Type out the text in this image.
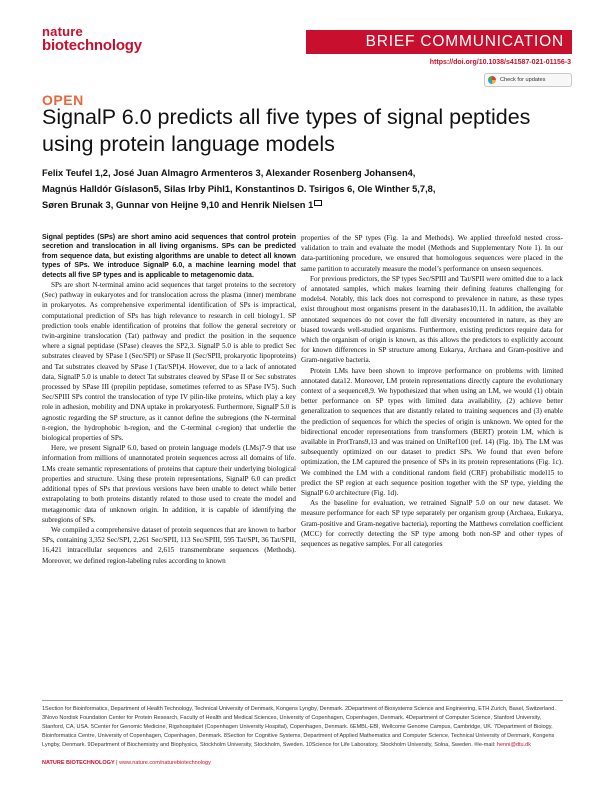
nature
biotechnology	BRIEF COMMUNICATION
https://doi.org/10.1038/s41587-021-01156-3
Check for updates
OPEN
SignalP 6.0 predicts all five types of signal peptides using protein language models
Felix Teufel 1,2, José Juan Almagro Armenteros 3, Alexander Rosenberg Johansen4,
Magnús Halldór Gíslason5, Silas Irby Pihl1, Konstantinos D. Tsirigos 6, Ole Winther 5,7,8,
Søren Brunak 3, Gunnar von Heijne 9,10 and Henrik Nielsen 1

Signal peptides (SPs) are short amino acid sequences that control protein secretion and translocation in all living organisms. SPs can be predicted from sequence data, but existing algorithms are unable to detect all known types of SPs. We introduce SignalP 6.0, a machine learning model that detects all five SP types and is applicable to metagenomic data.

SPs are short N-terminal amino acid sequences that target proteins to the secretory (Sec) pathway in eukaryotes and for translocation across the plasma (inner) membrane in prokaryotes. As comprehensive experimental identification of SPs is impractical, computational prediction of SPs has high relevance to research in cell biology1. SP prediction tools enable identification of proteins that follow the general secretory or twin-arginine translocation (Tat) pathway and predict the position in the sequence where a signal peptidase (SPase) cleaves the SP2,3. SignalP 5.0 is able to predict Sec substrates cleaved by SPase I (Sec/SPI) or SPase II (Sec/SPII, prokaryotic lipoproteins) and Tat substrates cleaved by SPase I (Tat/SPI)4. However, due to a lack of annotated data, SignalP 5.0 is unable to detect Tat substrates cleaved by SPase II or Sec substrates processed by SPase III (prepilin peptidase, sometimes referred to as SPase IV5). Such Sec/SPIII SPs control the translocation of type IV pilin-like proteins, which play a key role in adhesion, mobility and DNA uptake in prokaryotes6. Furthermore, SignalP 5.0 is agnostic regarding the SP structure, as it cannot define the subregions (the N-terminal n-region, the hydrophobic h-region, and the C-terminal c-region) that underlie the biological properties of SPs.

Here, we present SignalP 6.0, based on protein language models (LMs)7-9 that use information from millions of unannotated protein sequences across all domains of life. LMs create semantic representations of proteins that capture their underlying biological properties and structure. Using these protein representations, SignalP 6.0 can predict additional types of SPs that previous versions have been unable to detect while better extrapolating to both proteins distantly related to those used to create the model and metagenomic data of unknown origin. In addition, it is capable of identifying the subregions of SPs.

We compiled a comprehensive dataset of protein sequences that are known to harbor SPs, containing 3,352 Sec/SPI, 2,261 Sec/SPII, 113 Sec/SPIII, 595 Tat/SPI, 36 Tat/SPII, 16,421 intracellular sequences and 2,615 transmembrane sequences (Methods). Moreover, we defined region-labeling rules according to known

properties of the SP types (Fig. 1a and Methods). We applied threefold nested cross-validation to train and evaluate the model (Methods and Supplementary Note 1). In our data-partitioning procedure, we ensured that homologous sequences were placed in the same partition to accurately measure the model’s performance on unseen sequences.

For previous predictors, the SP types Sec/SPIII and Tat/SPII were omitted due to a lack of annotated samples, which makes learning their defining features challenging for models4. Notably, this lack does not correspond to prevalence in nature, as these types exist throughout most organisms present in the databases10,11. In addition, the available annotated sequences do not cover the full diversity encountered in nature, as they are biased towards well-studied organisms. Furthermore, existing predictors require data for which the organism of origin is known, as this allows the predictors to explicitly account for known differences in SP structure among Eukarya, Archaea and Gram-positive and Gram-negative bacteria.

Protein LMs have been shown to improve performance on problems with limited annotated data12. Moreover, LM protein representations directly capture the evolutionary context of a sequence8,9. We hypothesized that when using an LM, we would (1) obtain better performance on SP types with limited data availability, (2) achieve better generalization to sequences that are distantly related to training sequences and (3) enable the prediction of sequences for which the species of origin is unknown. We opted for the bidirectional encoder representations from transformers (BERT) protein LM, which is available in ProtTrans9,13 and was trained on UniRef100 (ref. 14) (Fig. 1b). The LM was subsequently optimized on our dataset to predict SPs. We found that even before optimization, the LM captured the presence of SPs in its protein representations (Fig. 1c). We combined the LM with a conditional random field (CRF) probabilistic model15 to predict the SP region at each sequence position together with the SP type, yielding the SignalP 6.0 architecture (Fig. 1d).

As the baseline for evaluation, we retrained SignalP 5.0 on our new dataset. We measure performance for each SP type separately per organism group (Archaea, Eukarya, Gram-positive and Gram-negative bacteria), reporting the Matthews correlation coefficient (MCC) for correctly detecting the SP type among both non-SP and other types of sequences as negative samples. For all categories

1Section for Bioinformatics, Department of Health Technology, Technical University of Denmark, Kongens Lyngby, Denmark. 2Department of Biosystems Science and Engineering, ETH Zurich, Basel, Switzerland. 3Novo Nordisk Foundation Center for Protein Research, Faculty of Health and Medical Sciences, University of Copenhagen, Copenhagen, Denmark. 4Department of Computer Science, Stanford University, Stanford, CA, USA. 5Center for Genomic Medicine, Rigshospitalet (Copenhagen University Hospital), Copenhagen, Denmark. 6EMBL-EBI, Wellcome Genome Campus, Cambridge, UK. 7Department of Biology, Bioinformatics Centre, University of Copenhagen, Copenhagen, Denmark. 8Section for Cognitive Systems, Department of Applied Mathematics and Computer Science, Technical University of Denmark, Kongens Lyngby, Denmark. 9Department of Biochemistry and Biophysics, Stockholm University, Stockholm, Sweden. 10Science for Life Laboratory, Stockholm University, Solna, Sweden. ✉e-mail: henni@dtu.dk
NATURE BIOTECHNOLOGY | www.nature.com/naturebiotechnology
